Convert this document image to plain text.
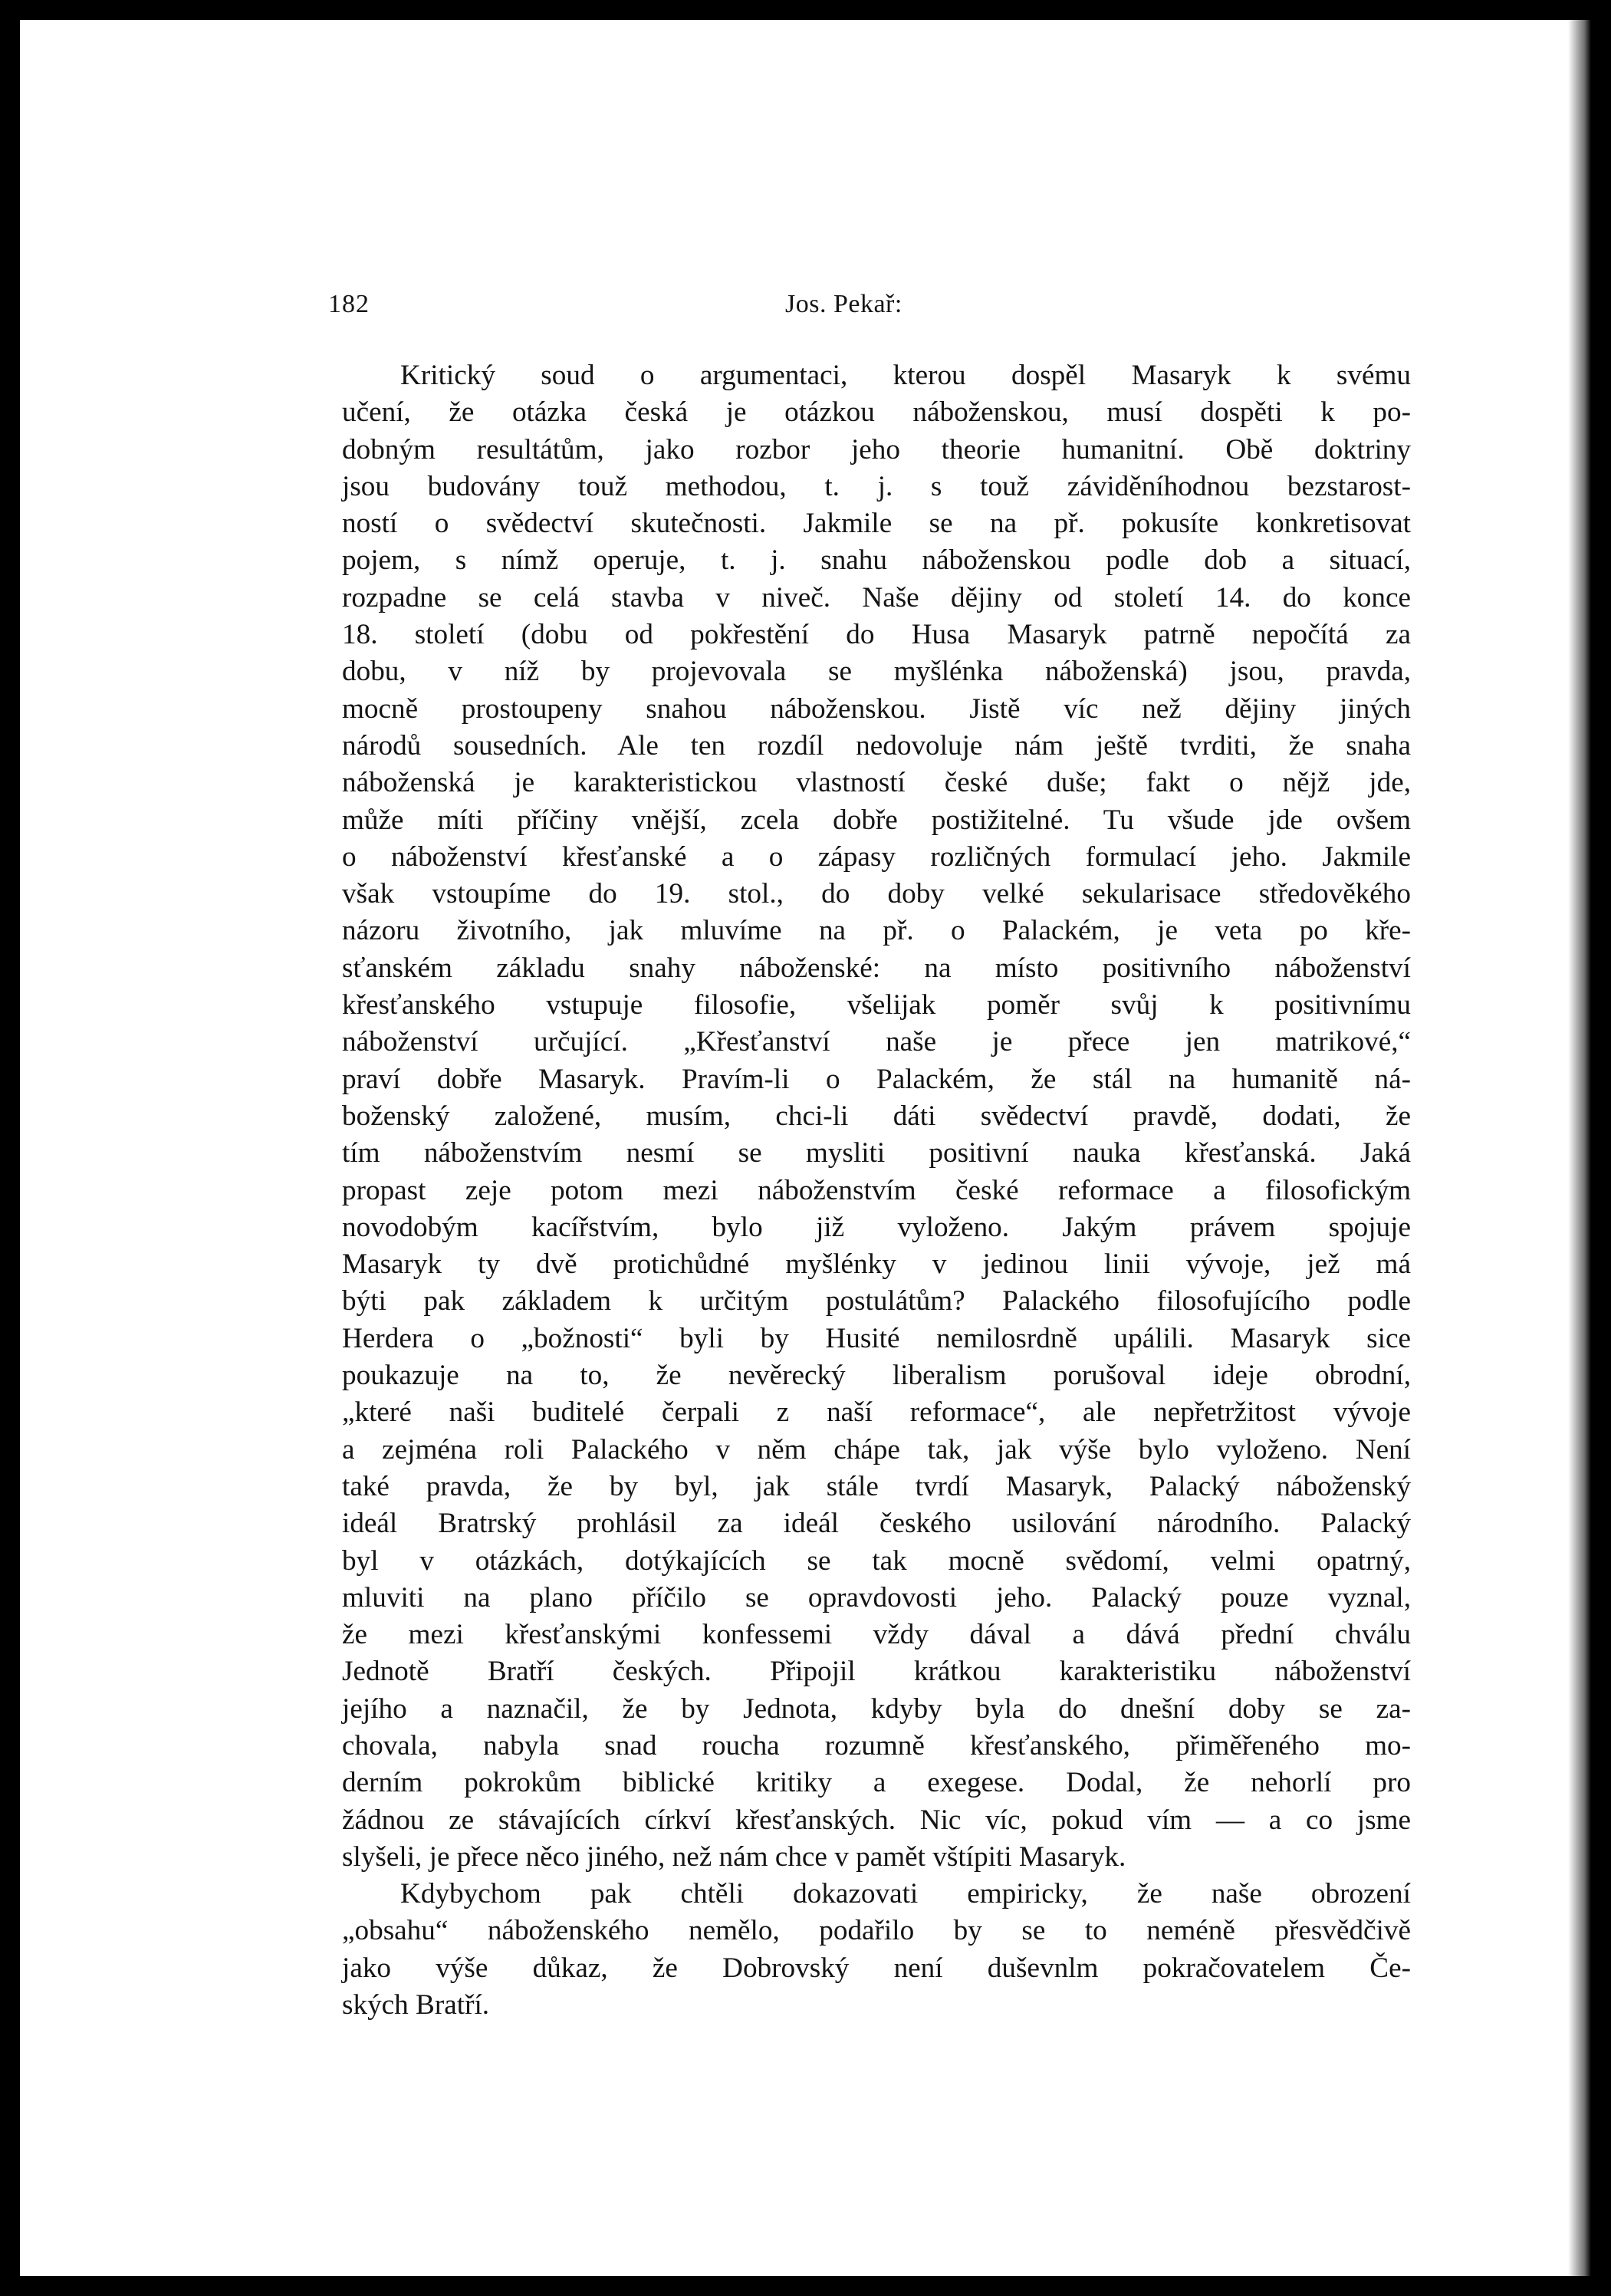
182	Jos. Pekař:
Kritický soud o argumentaci, kterou dospěl Masaryk k svému
učení, že otázka česká je otázkou náboženskou, musí dospěti k po-
dobným resultátům, jako rozbor jeho theorie humanitní. Obě doktriny
jsou budovány touž methodou, t. j. s touž záviděníhodnou bezstarost-
ností o svědectví skutečnosti. Jakmile se na př. pokusíte konkretisovat
pojem, s nímž operuje, t. j. snahu náboženskou podle dob a situací,
rozpadne se celá stavba v niveč. Naše dějiny od století 14. do konce
18. století (dobu od pokřestění do Husa Masaryk patrně nepočítá za
dobu, v níž by projevovala se myšlénka náboženská) jsou, pravda,
mocně prostoupeny snahou náboženskou. Jistě víc než dějiny jiných
národů sousedních. Ale ten rozdíl nedovoluje nám ještě tvrditi, že snaha
náboženská je karakteristickou vlastností české duše; fakt o nějž jde,
může míti příčiny vnější, zcela dobře postižitelné. Tu všude jde ovšem
o náboženství křesťanské a o zápasy rozličných formulací jeho. Jakmile
však vstoupíme do 19. stol., do doby velké sekularisace středověkého
názoru životního, jak mluvíme na př. o Palackém, je veta po kře-
sťanském základu snahy náboženské: na místo positivního náboženství
křesťanského vstupuje filosofie, všelijak poměr svůj k positivnímu
náboženství určující. „Křesťanství naše je přece jen matrikové,“
praví dobře Masaryk. Pravím-li o Palackém, že stál na humanitě ná-
boženský založené, musím, chci-li dáti svědectví pravdě, dodati, že
tím náboženstvím nesmí se mysliti positivní nauka křesťanská. Jaká
propast zeje potom mezi náboženstvím české reformace a filosofickým
novodobým kacířstvím, bylo již vyloženo. Jakým právem spojuje
Masaryk ty dvě protichůdné myšlénky v jedinou linii vývoje, jež má
býti pak základem k určitým postulátům? Palackého filosofujícího podle
Herdera o „božnosti“ byli by Husité nemilosrdně upálili. Masaryk sice
poukazuje na to, že nevěrecký liberalism porušoval ideje obrodní,
„které naši buditelé čerpali z naší reformace“, ale nepřetržitost vývoje
a zejména roli Palackého v něm chápe tak, jak výše bylo vyloženo. Není
také pravda, že by byl, jak stále tvrdí Masaryk, Palacký náboženský
ideál Bratrský prohlásil za ideál českého usilování národního. Palacký
byl v otázkách, dotýkajících se tak mocně svědomí, velmi opatrný,
mluviti na plano příčilo se opravdovosti jeho. Palacký pouze vyznal,
že mezi křesťanskými konfessemi vždy dával a dává přední chválu
Jednotě Bratří českých. Připojil krátkou karakteristiku náboženství
jejího a naznačil, že by Jednota, kdyby byla do dnešní doby se za-
chovala, nabyla snad roucha rozumně křesťanského, přiměřeného mo-
derním pokrokům biblické kritiky a exegese. Dodal, že nehorlí pro
žádnou ze stávajících církví křesťanských. Nic víc, pokud vím — a co jsme
slyšeli, je přece něco jiného, než nám chce v pamět vštípiti Masaryk.
Kdybychom pak chtěli dokazovati empiricky, že naše obrození
„obsahu“ náboženského nemělo, podařilo by se to neméně přesvědčivě
jako výše důkaz, že Dobrovský není duševnlm pokračovatelem Če-
ských Bratří.
